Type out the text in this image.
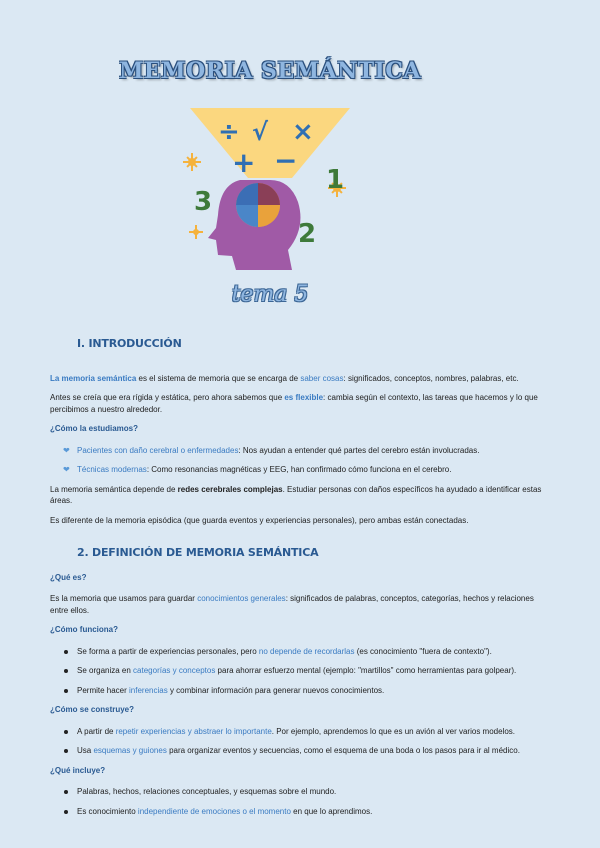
MEMORIA SEMÁNTICA
÷ √ ×
+ −
3
1
2
tema 5
I. INTRODUCCIÓN

La memoria semántica es el sistema de memoria que se encarga de saber cosas: significados, conceptos, nombres, palabras, etc.

Antes se creía que era rígida y estática, pero ahora sabemos que es flexible: cambia según el contexto, las tareas que hacemos y lo que percibimos a nuestro alrededor.

¿Cómo la estudiamos?
❤ Pacientes con daño cerebral o enfermedades: Nos ayudan a entender qué partes del cerebro están involucradas.
❤ Técnicas modernas: Como resonancias magnéticas y EEG, han confirmado cómo funciona en el cerebro.

La memoria semántica depende de redes cerebrales complejas. Estudiar personas con daños específicos ha ayudado a identificar estas áreas.

Es diferente de la memoria episódica (que guarda eventos y experiencias personales), pero ambas están conectadas.

2. DEFINICIÓN DE MEMORIA SEMÁNTICA
¿Qué es?

Es la memoria que usamos para guardar conocimientos generales: significados de palabras, conceptos, categorías, hechos y relaciones entre ellos.

¿Cómo funciona?
Se forma a partir de experiencias personales, pero no depende de recordarlas (es conocimiento "fuera de contexto").
Se organiza en categorías y conceptos para ahorrar esfuerzo mental (ejemplo: "martillos" como herramientas para golpear).
Permite hacer inferencias y combinar información para generar nuevos conocimientos.
¿Cómo se construye?
A partir de repetir experiencias y abstraer lo importante. Por ejemplo, aprendemos lo que es un avión al ver varios modelos.
Usa esquemas y guiones para organizar eventos y secuencias, como el esquema de una boda o los pasos para ir al médico.
¿Qué incluye?
Palabras, hechos, relaciones conceptuales, y esquemas sobre el mundo.
Es conocimiento independiente de emociones o el momento en que lo aprendimos.
